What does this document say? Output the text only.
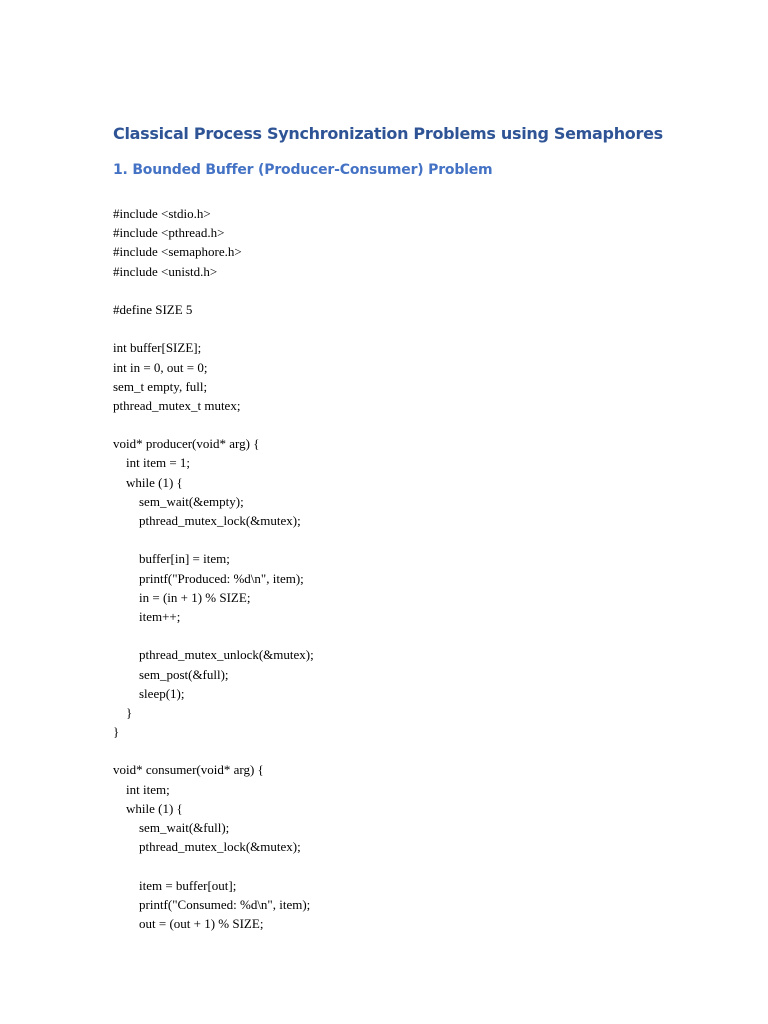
Classical Process Synchronization Problems using Semaphores
1. Bounded Buffer (Producer-Consumer) Problem
#include <stdio.h>
#include <pthread.h>
#include <semaphore.h>
#include <unistd.h>
#define SIZE 5
int buffer[SIZE];
int in = 0, out = 0;
sem_t empty, full;
pthread_mutex_t mutex;
void* producer(void* arg) {
int item = 1;
while (1) {
sem_wait(&empty);
pthread_mutex_lock(&mutex);
buffer[in] = item;
printf("Produced: %d\n", item);
in = (in + 1) % SIZE;
item++;
pthread_mutex_unlock(&mutex);
sem_post(&full);
sleep(1);
}
}
void* consumer(void* arg) {
int item;
while (1) {
sem_wait(&full);
pthread_mutex_lock(&mutex);
item = buffer[out];
printf("Consumed: %d\n", item);
out = (out + 1) % SIZE;
